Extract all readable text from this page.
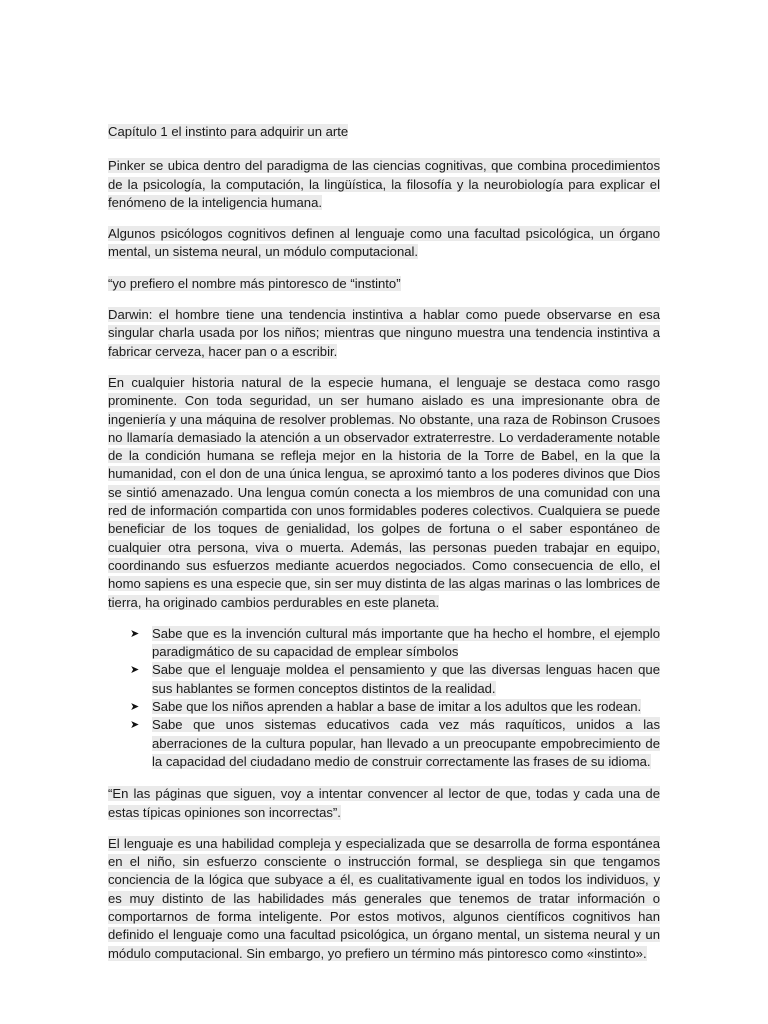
Capítulo 1 el instinto para adquirir un arte

Pinker se ubica dentro del paradigma de las ciencias cognitivas, que combina procedimientos de la psicología, la computación, la lingüística, la filosofía y la neurobiología para explicar el fenómeno de la inteligencia humana.

Algunos psicólogos cognitivos definen al lenguaje como una facultad psicológica, un órgano mental, un sistema neural, un módulo computacional.

“yo prefiero el nombre más pintoresco de “instinto”

Darwin: el hombre tiene una tendencia instintiva a hablar como puede observarse en esa singular charla usada por los niños; mientras que ninguno muestra una tendencia instintiva a fabricar cerveza, hacer pan o a escribir.

En cualquier historia natural de la especie humana, el lenguaje se destaca como rasgo prominente. Con toda seguridad, un ser humano aislado es una impresionante obra de ingeniería y una máquina de resolver problemas. No obstante, una raza de Robinson Crusoes no llamaría demasiado la atención a un observador extraterrestre. Lo verdaderamente notable de la condición humana se refleja mejor en la historia de la Torre de Babel, en la que la humanidad, con el don de una única lengua, se aproximó tanto a los poderes divinos que Dios se sintió amenazado. Una lengua común conecta a los miembros de una comunidad con una red de información compartida con unos formidables poderes colectivos. Cualquiera se puede beneficiar de los toques de genialidad, los golpes de fortuna o el saber espontáneo de cualquier otra persona, viva o muerta. Además, las personas pueden trabajar en equipo, coordinando sus esfuerzos mediante acuerdos negociados. Como consecuencia de ello, el homo sapiens es una especie que, sin ser muy distinta de las algas marinas o las lombrices de tierra, ha originado cambios perdurables en este planeta.

➤ Sabe que es la invención cultural más importante que ha hecho el hombre, el ejemplo paradigmático de su capacidad de emplear símbolos
➤ Sabe que el lenguaje moldea el pensamiento y que las diversas lenguas hacen que sus hablantes se formen conceptos distintos de la realidad.
➤ Sabe que los niños aprenden a hablar a base de imitar a los adultos que les rodean.
➤ Sabe que unos sistemas educativos cada vez más raquíticos, unidos a las aberraciones de la cultura popular, han llevado a un preocupante empobrecimiento de la capacidad del ciudadano medio de construir correctamente las frases de su idioma.

“En las páginas que siguen, voy a intentar convencer al lector de que, todas y cada una de estas típicas opiniones son incorrectas”.

El lenguaje es una habilidad compleja y especializada que se desarrolla de forma espontánea en el niño, sin esfuerzo consciente o instrucción formal, se despliega sin que tengamos conciencia de la lógica que subyace a él, es cualitativamente igual en todos los individuos, y es muy distinto de las habilidades más generales que tenemos de tratar información o comportarnos de forma inteligente. Por estos motivos, algunos científicos cognitivos han definido el lenguaje como una facultad psicológica, un órgano mental, un sistema neural y un módulo computacional. Sin embargo, yo prefiero un término más pintoresco como «instinto».
